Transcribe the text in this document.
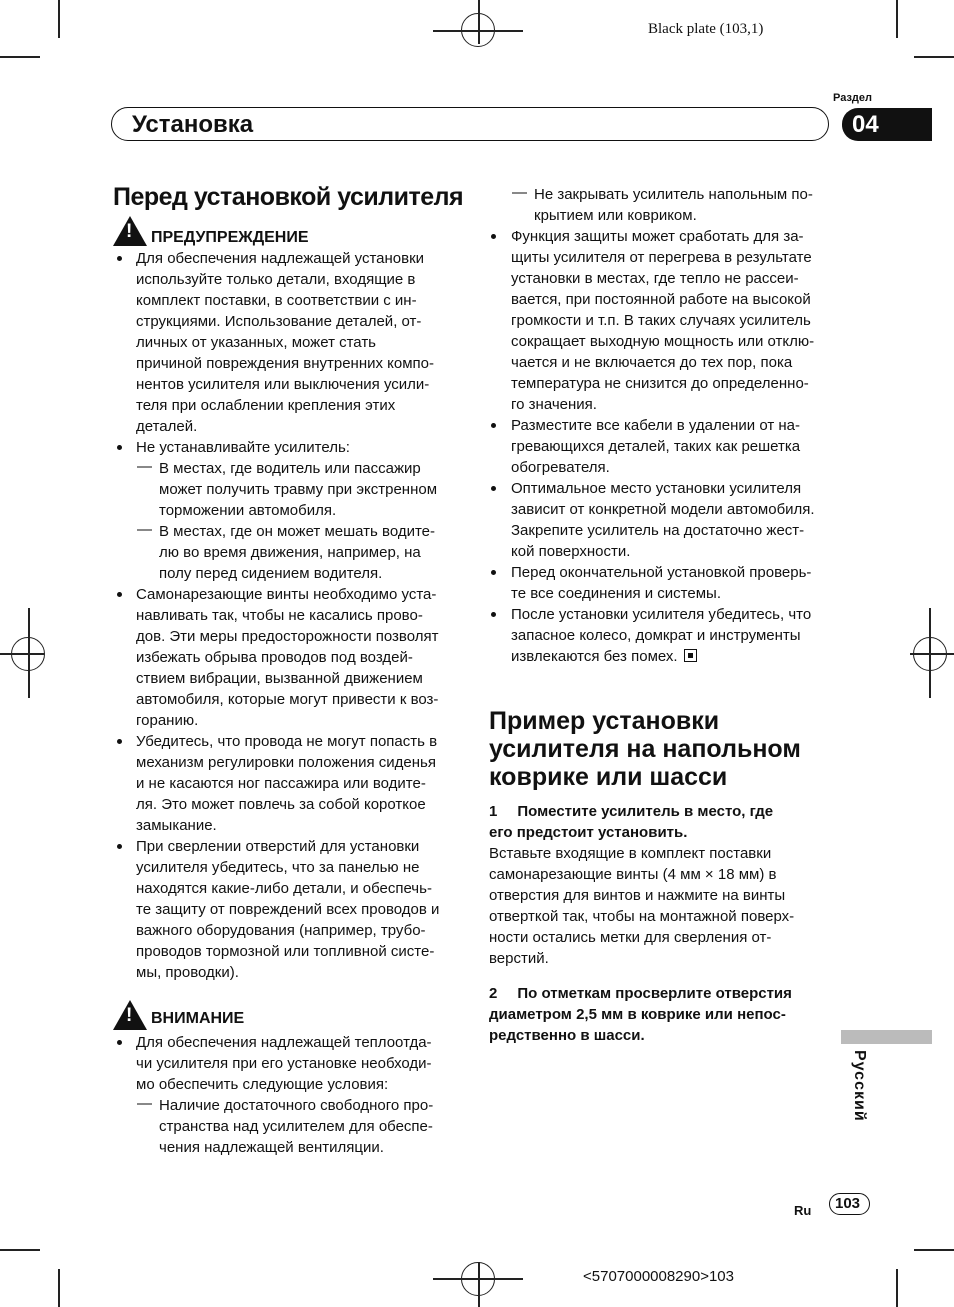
Black plate (103,1)
Раздел
Установка	04
Перед установкой усилителя
! ПРЕДУПРЕЖДЕНИЕ
Для обеспечения надлежащей установки
используйте только детали, входящие в
комплект поставки, в соответствии с ин-
струкциями. Использование деталей, от-
личных от указанных, может стать
причиной повреждения внутренних компо-
нентов усилителя или выключения усили-
теля при ослаблении крепления этих
деталей.
Не устанавливайте усилитель:
— В местах, где водитель или пассажир
может получить травму при экстренном
торможении автомобиля.
— В местах, где он может мешать водите-
лю во время движения, например, на
полу перед сидением водителя.
Самонарезающие винты необходимо уста-
навливать так, чтобы не касались прово-
дов. Эти меры предосторожности позволят
избежать обрыва проводов под воздей-
ствием вибрации, вызванной движением
автомобиля, которые могут привести к воз-
горанию.
Убедитесь, что провода не могут попасть в
механизм регулировки положения сиденья
и не касаются ног пассажира или водите-
ля. Это может повлечь за собой короткое
замыкание.
При сверлении отверстий для установки
усилителя убедитесь, что за панелью не
находятся какие-либо детали, и обеспечь-
те защиту от повреждений всех проводов и
важного оборудования (например, трубо-
проводов тормозной или топливной систе-
мы, проводки).
! ВНИМАНИЕ
Для обеспечения надлежащей теплоотда-
чи усилителя при его установке необходи-
мо обеспечить следующие условия:
— Наличие достаточного свободного про-
странства над усилителем для обеспе-
чения надлежащей вентиляции.
— Не закрывать усилитель напольным по-
крытием или ковриком.
Функция защиты может сработать для за-
щиты усилителя от перегрева в результате
установки в местах, где тепло не рассеи-
вается, при постоянной работе на высокой
громкости и т.п. В таких случаях усилитель
сокращает выходную мощность или отклю-
чается и не включается до тех пор, пока
температура не снизится до определенно-
го значения.
Разместите все кабели в удалении от на-
гревающихся деталей, таких как решетка
обогревателя.
Оптимальное место установки усилителя
зависит от конкретной модели автомобиля.
Закрепите усилитель на достаточно жест-
кой поверхности.
Перед окончательной установкой проверь-
те все соединения и системы.
После установки усилителя убедитесь, что
запасное колесо, домкрат и инструменты
извлекаются без помех.
Пример установки
усилителя на напольном
коврике или шасси
1 Поместите усилитель в место, где
его предстоит установить.
Вставьте входящие в комплект поставки
самонарезающие винты (4 мм × 18 мм) в
отверстия для винтов и нажмите на винты
отверткой так, чтобы на монтажной поверх-
ности остались метки для сверления от-
верстий.
2 По отметкам просверлите отверстия
диаметром 2,5 мм в коврике или непос-
редственно в шасси.
Русский
Ru 103
<5707000008290>103
